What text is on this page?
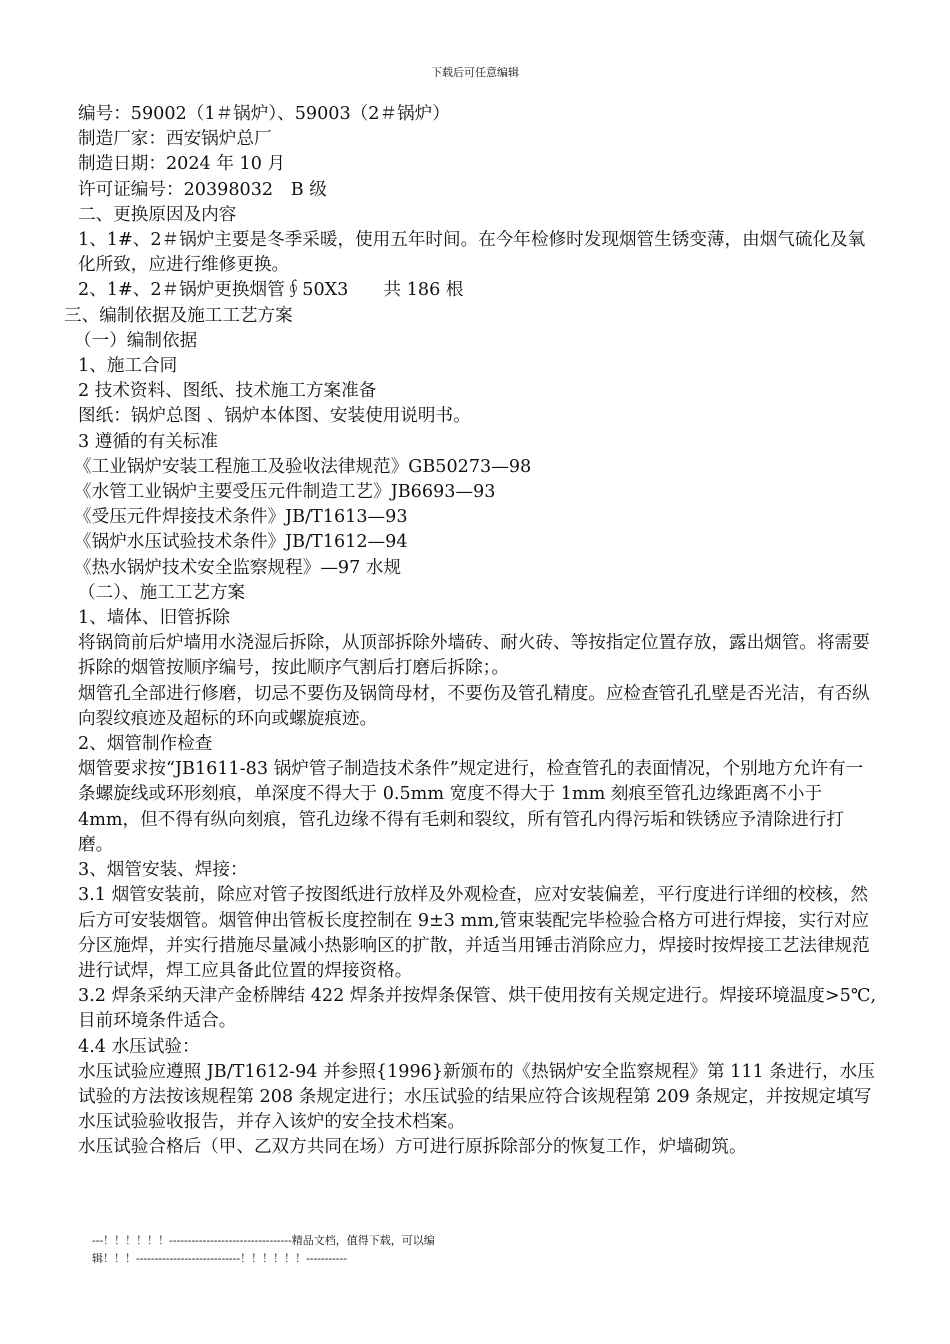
下载后可任意编辑

编号：59002（1＃锅炉）、59003（2＃锅炉）

制造厂家：西安锅炉总厂

制造日期：2024 年 10 月

许可证编号：20398032　B 级

二、更换原因及内容

1、1#、2＃锅炉主要是冬季采暖，使用五年时间。在今年检修时发现烟管生锈变薄，由烟气硫化及氧化所致，应进行维修更换。

2、1#、2＃锅炉更换烟管∮50X3　　共 186 根

三、编制依据及施工工艺方案

（一）编制依据

1、施工合同

2 技术资料、图纸、技术施工方案准备

图纸：锅炉总图 、锅炉本体图、安装使用说明书。

3 遵循的有关标准

《工业锅炉安装工程施工及验收法律规范》GB50273—98

《水管工业锅炉主要受压元件制造工艺》JB6693—93

《受压元件焊接技术条件》JB/T1613—93

《锅炉水压试验技术条件》JB/T1612—94

《热水锅炉技术安全监察规程》—97 水规

（二）、施工工艺方案

1、墙体、旧管拆除

将锅筒前后炉墙用水浇湿后拆除，从顶部拆除外墙砖、耐火砖、等按指定位置存放，露出烟管。将需要拆除的烟管按顺序编号，按此顺序气割后打磨后拆除；。

烟管孔全部进行修磨，切忌不要伤及锅筒母材，不要伤及管孔精度。应检查管孔孔壁是否光洁，有否纵向裂纹痕迹及超标的环向或螺旋痕迹。

2、烟管制作检查

烟管要求按“JB1611-83 锅炉管子制造技术条件”规定进行，检查管孔的表面情况，个别地方允许有一条螺旋线或环形刻痕，单深度不得大于 0.5mm 宽度不得大于 1mm 刻痕至管孔边缘距离不小于 4mm，但不得有纵向刻痕，管孔边缘不得有毛刺和裂纹，所有管孔内得污垢和铁锈应予清除进行打磨。

3、烟管安装、焊接：

3.1 烟管安装前，除应对管子按图纸进行放样及外观检查，应对安装偏差，平行度进行详细的校核，然后方可安装烟管。烟管伸出管板长度控制在 9±3 mm,管束装配完毕检验合格方可进行焊接，实行对应分区施焊，并实行措施尽量减小热影响区的扩散，并适当用锤击消除应力，焊接时按焊接工艺法律规范进行试焊，焊工应具备此位置的焊接资格。

3.2 焊条采纳天津产金桥牌结 422 焊条并按焊条保管、烘干使用按有关规定进行。焊接环境温度>5℃,目前环境条件适合。

4.4 水压试验：

水压试验应遵照 JB/T1612-94 并参照{1996}新颁布的《热锅炉安全监察规程》第 111 条进行，水压试验的方法按该规程第 208 条规定进行；水压试验的结果应符合该规程第 209 条规定，并按规定填写水压试验验收报告，并存入该炉的安全技术档案。

水压试验合格后（甲、乙双方共同在场）方可进行原拆除部分的恢复工作，炉墙砌筑。

---！！！！！！---------------------------------精品文档，值得下载，可以编
辑！！！----------------------------！！！！！！-----------
